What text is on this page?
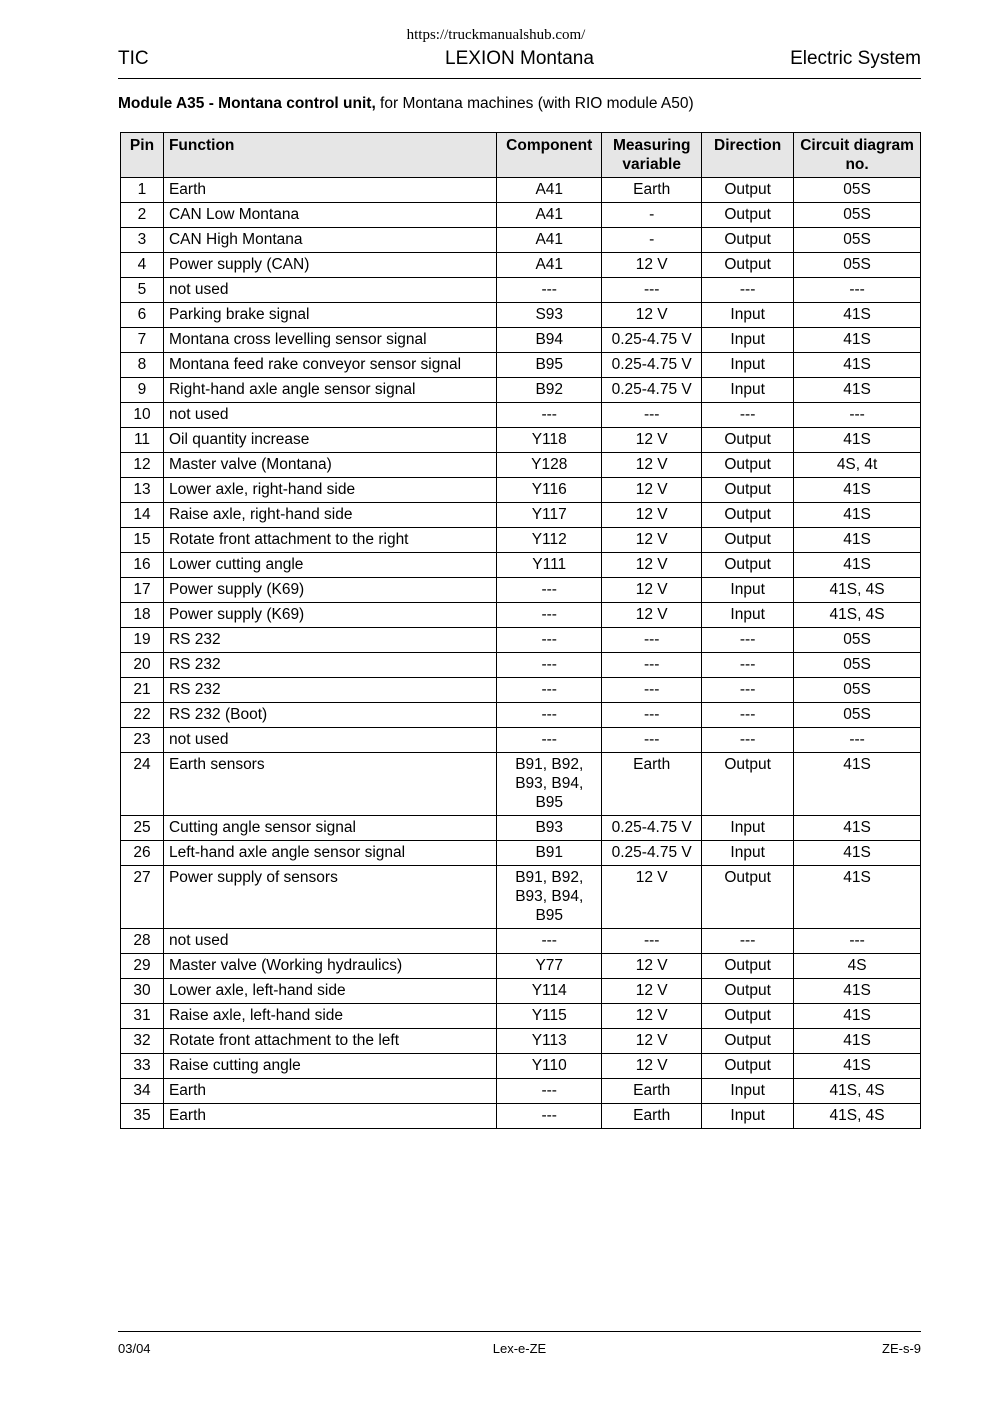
https://truckmanualshub.com/
LEXION Montana
TIC	Electric System
Module A35 - Montana control unit, for Montana machines (with RIO module A50)
Pin	Function	Component	Measuring variable	Direction	Circuit diagram no.
1	Earth	A41	Earth	Output	05S
2	CAN Low Montana	A41	-	Output	05S
3	CAN High Montana	A41	-	Output	05S
4	Power supply (CAN)	A41	12 V	Output	05S
5	not used	---	---	---	---
6	Parking brake signal	S93	12 V	Input	41S
7	Montana cross levelling sensor signal	B94	0.25-4.75 V	Input	41S
8	Montana feed rake conveyor sensor signal	B95	0.25-4.75 V	Input	41S
9	Right-hand axle angle sensor signal	B92	0.25-4.75 V	Input	41S
10	not used	---	---	---	---
11	Oil quantity increase	Y118	12 V	Output	41S
12	Master valve (Montana)	Y128	12 V	Output	4S, 4t
13	Lower axle, right-hand side	Y116	12 V	Output	41S
14	Raise axle, right-hand side	Y117	12 V	Output	41S
15	Rotate front attachment to the right	Y112	12 V	Output	41S
16	Lower cutting angle	Y111	12 V	Output	41S
17	Power supply (K69)	---	12 V	Input	41S, 4S
18	Power supply (K69)	---	12 V	Input	41S, 4S
19	RS 232	---	---	---	05S
20	RS 232	---	---	---	05S
21	RS 232	---	---	---	05S
22	RS 232 (Boot)	---	---	---	05S
23	not used	---	---	---	---
24	Earth sensors	B91, B92,
B93, B94,
B95	Earth	Output	41S
25	Cutting angle sensor signal	B93	0.25-4.75 V	Input	41S
26	Left-hand axle angle sensor signal	B91	0.25-4.75 V	Input	41S
27	Power supply of sensors	B91, B92,
B93, B94,
B95	12 V	Output	41S
28	not used	---	---	---	---
29	Master valve (Working hydraulics)	Y77	12 V	Output	4S
30	Lower axle, left-hand side	Y114	12 V	Output	41S
31	Raise axle, left-hand side	Y115	12 V	Output	41S
32	Rotate front attachment to the left	Y113	12 V	Output	41S
33	Raise cutting angle	Y110	12 V	Output	41S
34	Earth	---	Earth	Input	41S, 4S
35	Earth	---	Earth	Input	41S, 4S
Lex-e-ZE
03/04	ZE-s-9
